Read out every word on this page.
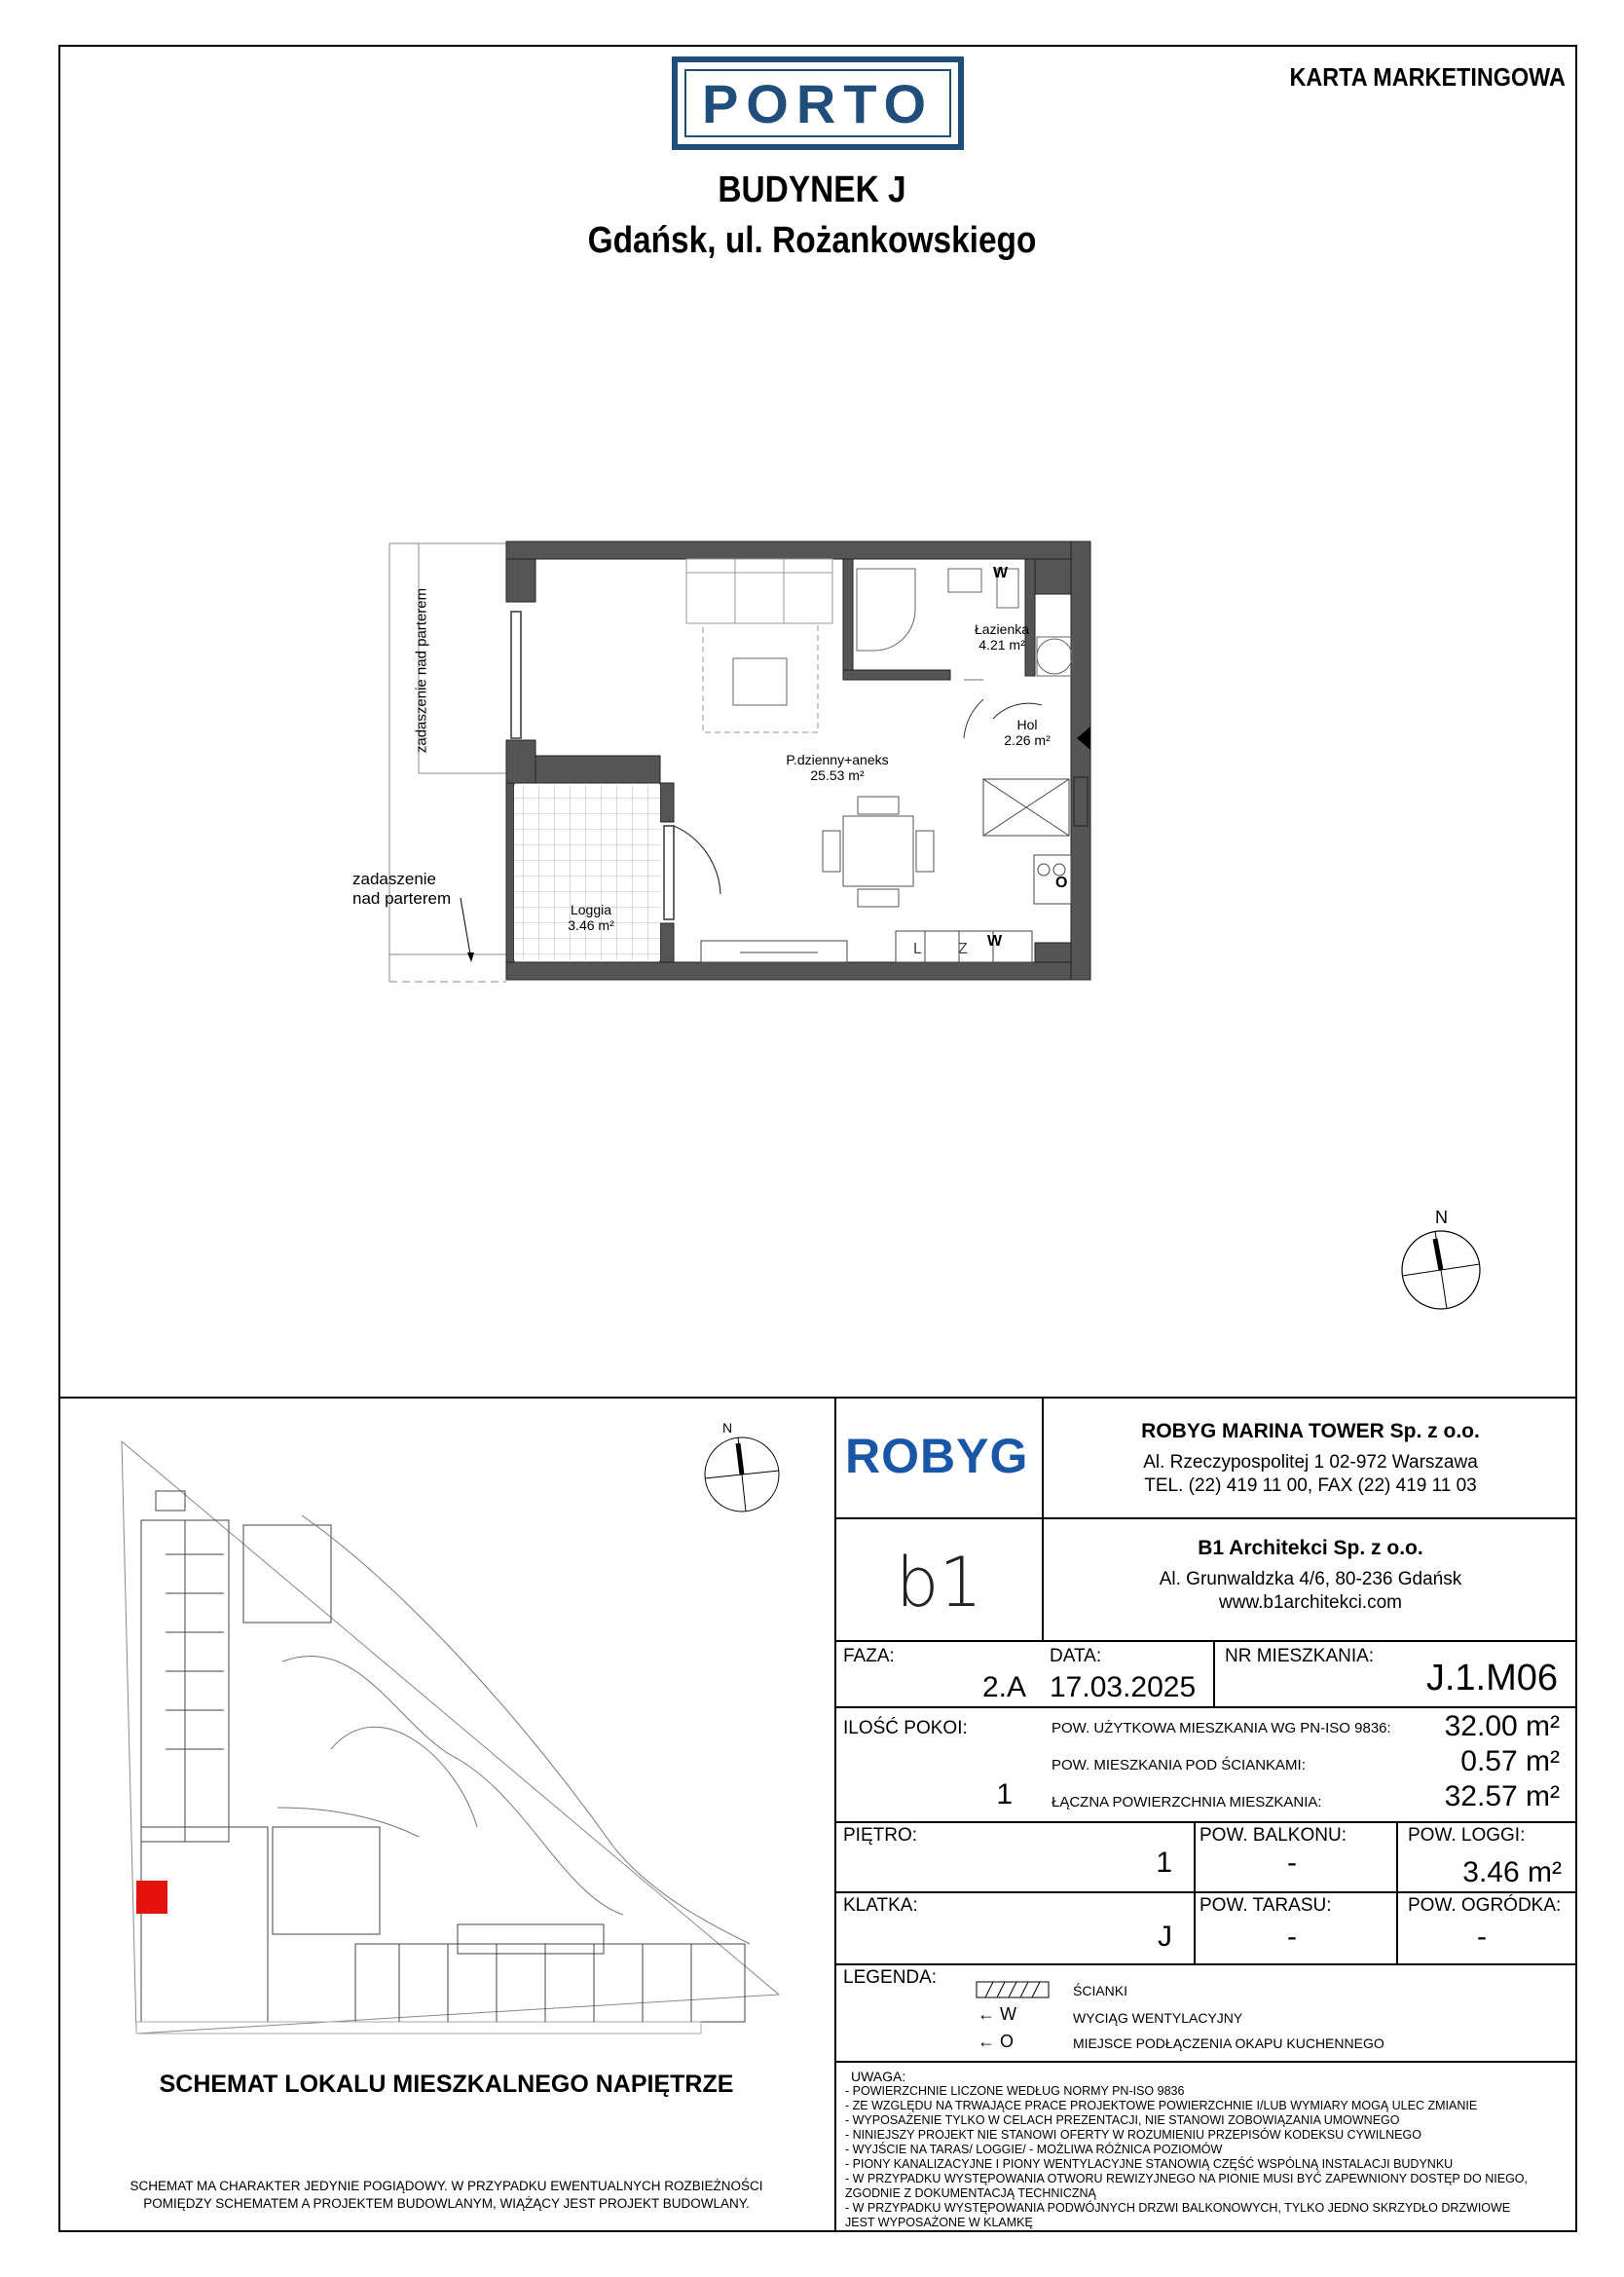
PORTO	KARTA MARKETINGOWA
BUDYNEK J
Gdańsk, ul. Rożankowskiego
zadaszenie nad parterem
zadaszenie
nad parterem
Łazienka
4.21 m²
Hol
2.26 m²
P.dzienny+aneks
25.53 m²
Loggia
3.46 m²
W
O
W
L Z
N
N
SCHEMAT LOKALU MIESZKALNEGO NAPIĘTRZE
SCHEMAT MA CHARAKTER JEDYNIE POGIĄDOWY. W PRZYPADKU EWENTUALNYCH ROZBIEŻNOŚCI
POMIĘDZY SCHEMATEM A PROJEKTEM BUDOWLANYM, WIĄŻĄCY JEST PROJEKT BUDOWLANY.
ROBYG	ROBYG MARINA TOWER Sp. z o.o.
Al. Rzeczypospolitej 1 02-972 Warszawa
TEL. (22) 419 11 00, FAX (22) 419 11 03
b1	B1 Architekci Sp. z o.o.
Al. Grunwaldzka 4/6, 80-236 Gdańsk
www.b1architekci.com
FAZA:
2.A
DATA:
17.03.2025
NR MIESZKANIA:
J.1.M06
ILOŚĆ POKOI:
1
POW. UŻYTKOWA MIESZKANIA WG PN-ISO 9836:	32.00 m²
POW. MIESZKANIA POD ŚCIANKAMI:	0.57 m²
ŁĄCZNA POWIERZCHNIA MIESZKANIA:	32.57 m²
PIĘTRO:
1
POW. BALKONU:
-
POW. LOGGI:
3.46 m²
KLATKA:
J
POW. TARASU:
-
POW. OGRÓDKA:
-
LEGENDA:
ŚCIANKI
← W	WYCIĄG WENTYLACYJNY
← O	MIEJSCE PODŁĄCZENIA OKAPU KUCHENNEGO
UWAGA:
- POWIERZCHNIE LICZONE WEDŁUG NORMY PN-ISO 9836
- ZE WZGLĘDU NA TRWAJĄCE PRACE PROJEKTOWE POWIERZCHNIE I/LUB WYMIARY MOGĄ ULEC ZMIANIE
- WYPOSAŻENIE TYLKO W CELACH PREZENTACJI, NIE STANOWI ZOBOWIĄZANIA UMOWNEGO
- NINIEJSZY PROJEKT NIE STANOWI OFERTY W ROZUMIENIU PRZEPISÓW KODEKSU CYWILNEGO
- WYJŚCIE NA TARAS/ LOGGIE/ - MOŻLIWA RÓŻNICA POZIOMÓW
- PIONY KANALIZACYJNE I PIONY WENTYLACYJNE STANOWIĄ CZĘŚĆ WSPÓLNĄ INSTALACJI BUDYNKU
- W PRZYPADKU WYSTĘPOWANIA OTWORU REWIZYJNEGO NA PIONIE MUSI BYĆ ZAPEWNIONY DOSTĘP DO NIEGO,
ZGODNIE Z DOKUMENTACJĄ TECHNICZNĄ
- W PRZYPADKU WYSTĘPOWANIA PODWÓJNYCH DRZWI BALKONOWYCH, TYLKO JEDNO SKRZYDŁO DRZWIOWE
JEST WYPOSAŻONE W KLAMKĘ
